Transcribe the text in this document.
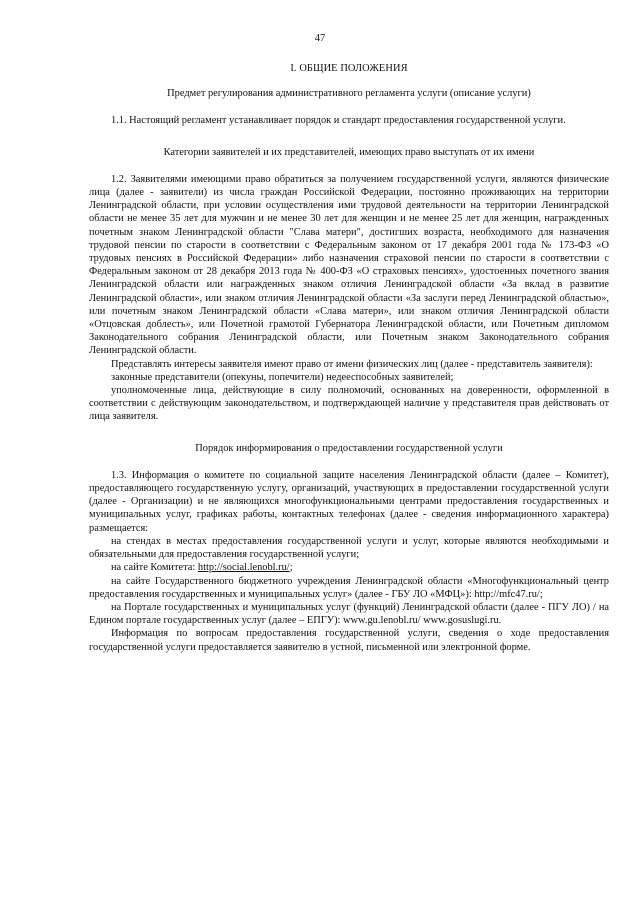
47
I. ОБЩИЕ ПОЛОЖЕНИЯ
Предмет регулирования административного регламента услуги (описание услуги)

1.1. Настоящий регламент устанавливает порядок и стандарт предоставления государственной услуги.

Категории заявителей и их представителей, имеющих право выступать от их имени

1.2. Заявителями имеющими право обратиться за получением государственной услуги, являются физические лица (далее - заявители) из числа граждан Российской Федерации, постоянно проживающих на территории Ленинградской области, при условии осуществления ими трудовой деятельности на территории Ленинградской области не менее 35 лет для мужчин и не менее 30 лет для женщин и не менее 25 лет для женщин, награжденных почетным знаком Ленинградской области "Слава матери", достигших возраста, необходимого для назначения трудовой пенсии по старости в соответствии с Федеральным законом от 17 декабря 2001 года № 173-ФЗ «О трудовых пенсиях в Российской Федерации» либо назначения страховой пенсии по старости в соответствии с Федеральным законом от 28 декабря 2013 года № 400-ФЗ «О страховых пенсиях», удостоенных почетного звания Ленинградской области или награжденных знаком отличия Ленинградской области «За вклад в развитие Ленинградской области», или знаком отличия Ленинградской области «За заслуги перед Ленинградской областью», или почетным знаком Ленинградской области «Слава матери», или знаком отличия Ленинградской области «Отцовская доблесть», или Почетной грамотой Губернатора Ленинградской области, или Почетным дипломом Законодательного собрания Ленинградской области, или Почетным знаком Законодательного собрания Ленинградской области.

Представлять интересы заявителя имеют право от имени физических лиц (далее - представитель заявителя):

законные представители (опекуны, попечители) недееспособных заявителей;

уполномоченные лица, действующие в силу полномочий, основанных на доверенности, оформленной в соответствии с действующим законодательством, и подтверждающей наличие у представителя прав действовать от лица заявителя.

Порядок информирования о предоставлении государственной услуги

1.3. Информация о комитете по социальной защите населения Ленинградской области (далее – Комитет), предоставляющего государственную услугу, организаций, участвующих в предоставлении государственной услуги (далее - Организации) и не являющихся многофункциональными центрами предоставления государственных и муниципальных услуг, графиках работы, контактных телефонах (далее - сведения информационного характера) размещается:

на стендах в местах предоставления государственной услуги и услуг, которые являются необходимыми и обязательными для предоставления государственной услуги;

на сайте Комитета: http://social.lenobl.ru/;

на сайте Государственного бюджетного учреждения Ленинградской области «Многофункциональный центр предоставления государственных и муниципальных услуг» (далее - ГБУ ЛО «МФЦ»): http://mfc47.ru/;

на Портале государственных и муниципальных услуг (функций) Ленинградской области (далее - ПГУ ЛО) / на Едином портале государственных услуг (далее – ЕПГУ): www.gu.lenobl.ru/ www.gosuslugi.ru.

Информация по вопросам предоставления государственной услуги, сведения о ходе предоставления государственной услуги предоставляется заявителю в устной, письменной или электронной форме.
